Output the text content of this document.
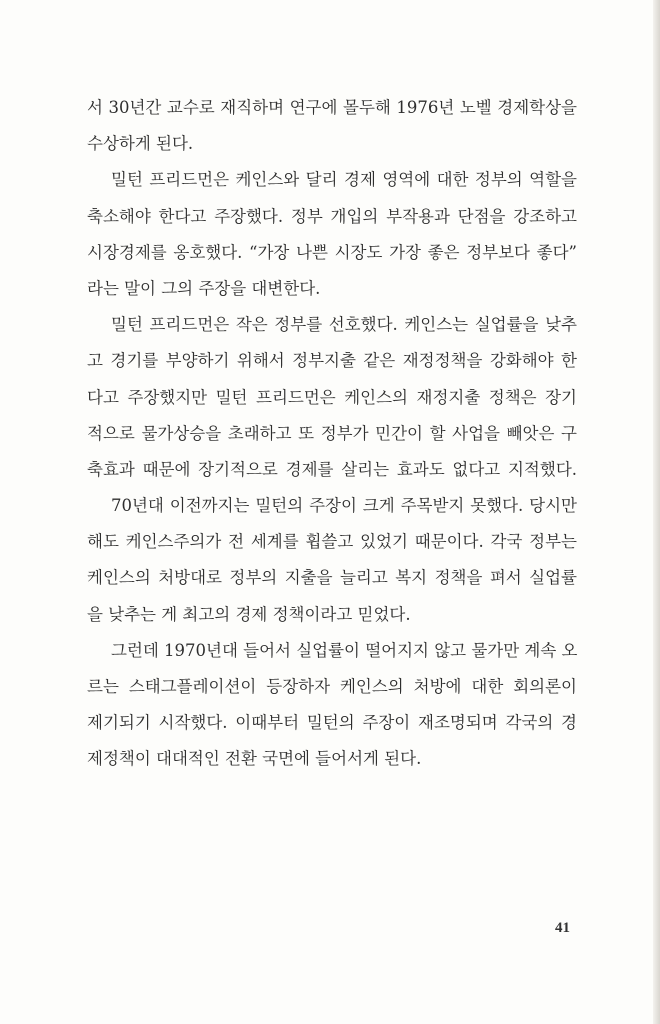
서 30년간 교수로 재직하며 연구에 몰두해 1976년 노벨 경제학상을
수상하게 된다.
밀턴 프리드먼은 케인스와 달리 경제 영역에 대한 정부의 역할을
축소해야 한다고 주장했다. 정부 개입의 부작용과 단점을 강조하고
시장경제를 옹호했다. “가장 나쁜 시장도 가장 좋은 정부보다 좋다”
라는 말이 그의 주장을 대변한다.
밀턴 프리드먼은 작은 정부를 선호했다. 케인스는 실업률을 낮추
고 경기를 부양하기 위해서 정부지출 같은 재정정책을 강화해야 한
다고 주장했지만 밀턴 프리드먼은 케인스의 재정지출 정책은 장기
적으로 물가상승을 초래하고 또 정부가 민간이 할 사업을 빼앗은 구
축효과 때문에 장기적으로 경제를 살리는 효과도 없다고 지적했다.
70년대 이전까지는 밀턴의 주장이 크게 주목받지 못했다. 당시만
해도 케인스주의가 전 세계를 휩쓸고 있었기 때문이다. 각국 정부는
케인스의 처방대로 정부의 지출을 늘리고 복지 정책을 펴서 실업률
을 낮추는 게 최고의 경제 정책이라고 믿었다.
그런데 1970년대 들어서 실업률이 떨어지지 않고 물가만 계속 오
르는 스태그플레이션이 등장하자 케인스의 처방에 대한 회의론이
제기되기 시작했다. 이때부터 밀턴의 주장이 재조명되며 각국의 경
제정책이 대대적인 전환 국면에 들어서게 된다.
41
